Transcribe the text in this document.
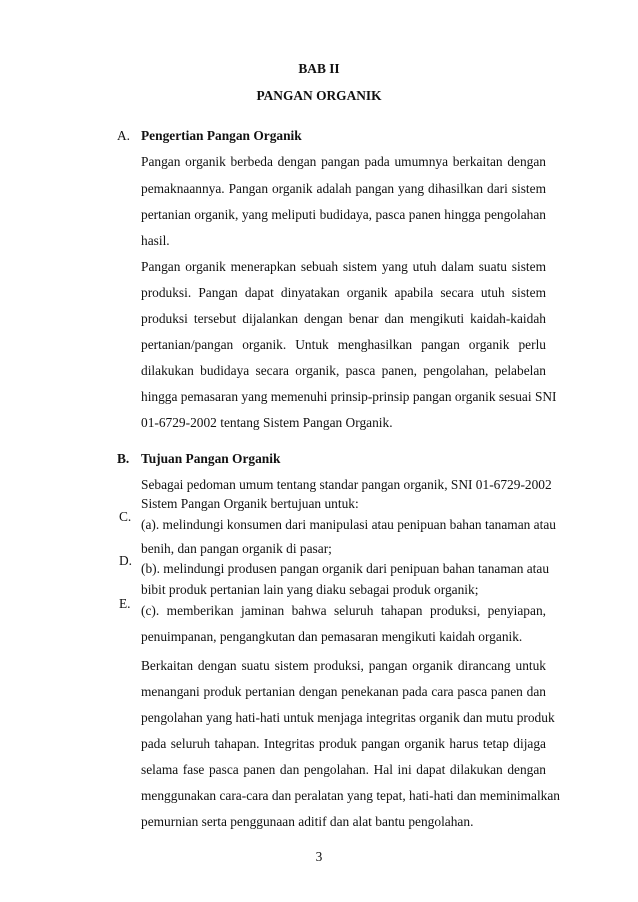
BAB II
PANGAN ORGANIK
A. Pengertian Pangan Organik
Pangan organik berbeda dengan pangan pada umumnya berkaitan dengan
pemaknaannya. Pangan organik adalah pangan yang dihasilkan dari sistem
pertanian organik, yang meliputi budidaya, pasca panen hingga pengolahan
hasil.
Pangan organik menerapkan sebuah sistem yang utuh dalam suatu sistem
produksi. Pangan dapat dinyatakan organik apabila secara utuh sistem
produksi tersebut dijalankan dengan benar dan mengikuti kaidah-kaidah
pertanian/pangan organik. Untuk menghasilkan pangan organik perlu
dilakukan budidaya secara organik, pasca panen, pengolahan, pelabelan
hingga pemasaran yang memenuhi prinsip-prinsip pangan organik sesuai SNI
01-6729-2002 tentang Sistem Pangan Organik.
B. Tujuan Pangan Organik
Sebagai pedoman umum tentang standar pangan organik, SNI 01-6729-2002
Sistem Pangan Organik bertujuan untuk:
(a). melindungi konsumen dari manipulasi atau penipuan bahan tanaman atau
benih, dan pangan organik di pasar;
(b). melindungi produsen pangan organik dari penipuan bahan tanaman atau
bibit produk pertanian lain yang diaku sebagai produk organik;
(c). memberikan jaminan bahwa seluruh tahapan produksi, penyiapan,
penuimpanan, pengangkutan dan pemasaran mengikuti kaidah organik.
Berkaitan dengan suatu sistem produksi, pangan organik dirancang untuk
menangani produk pertanian dengan penekanan pada cara pasca panen dan
pengolahan yang hati-hati untuk menjaga integritas organik dan mutu produk
pada seluruh tahapan. Integritas produk pangan organik harus tetap dijaga
selama fase pasca panen dan pengolahan. Hal ini dapat dilakukan dengan
menggunakan cara-cara dan peralatan yang tepat, hati-hati dan meminimalkan
pemurnian serta penggunaan aditif dan alat bantu pengolahan.
C.
D.
E.
3
